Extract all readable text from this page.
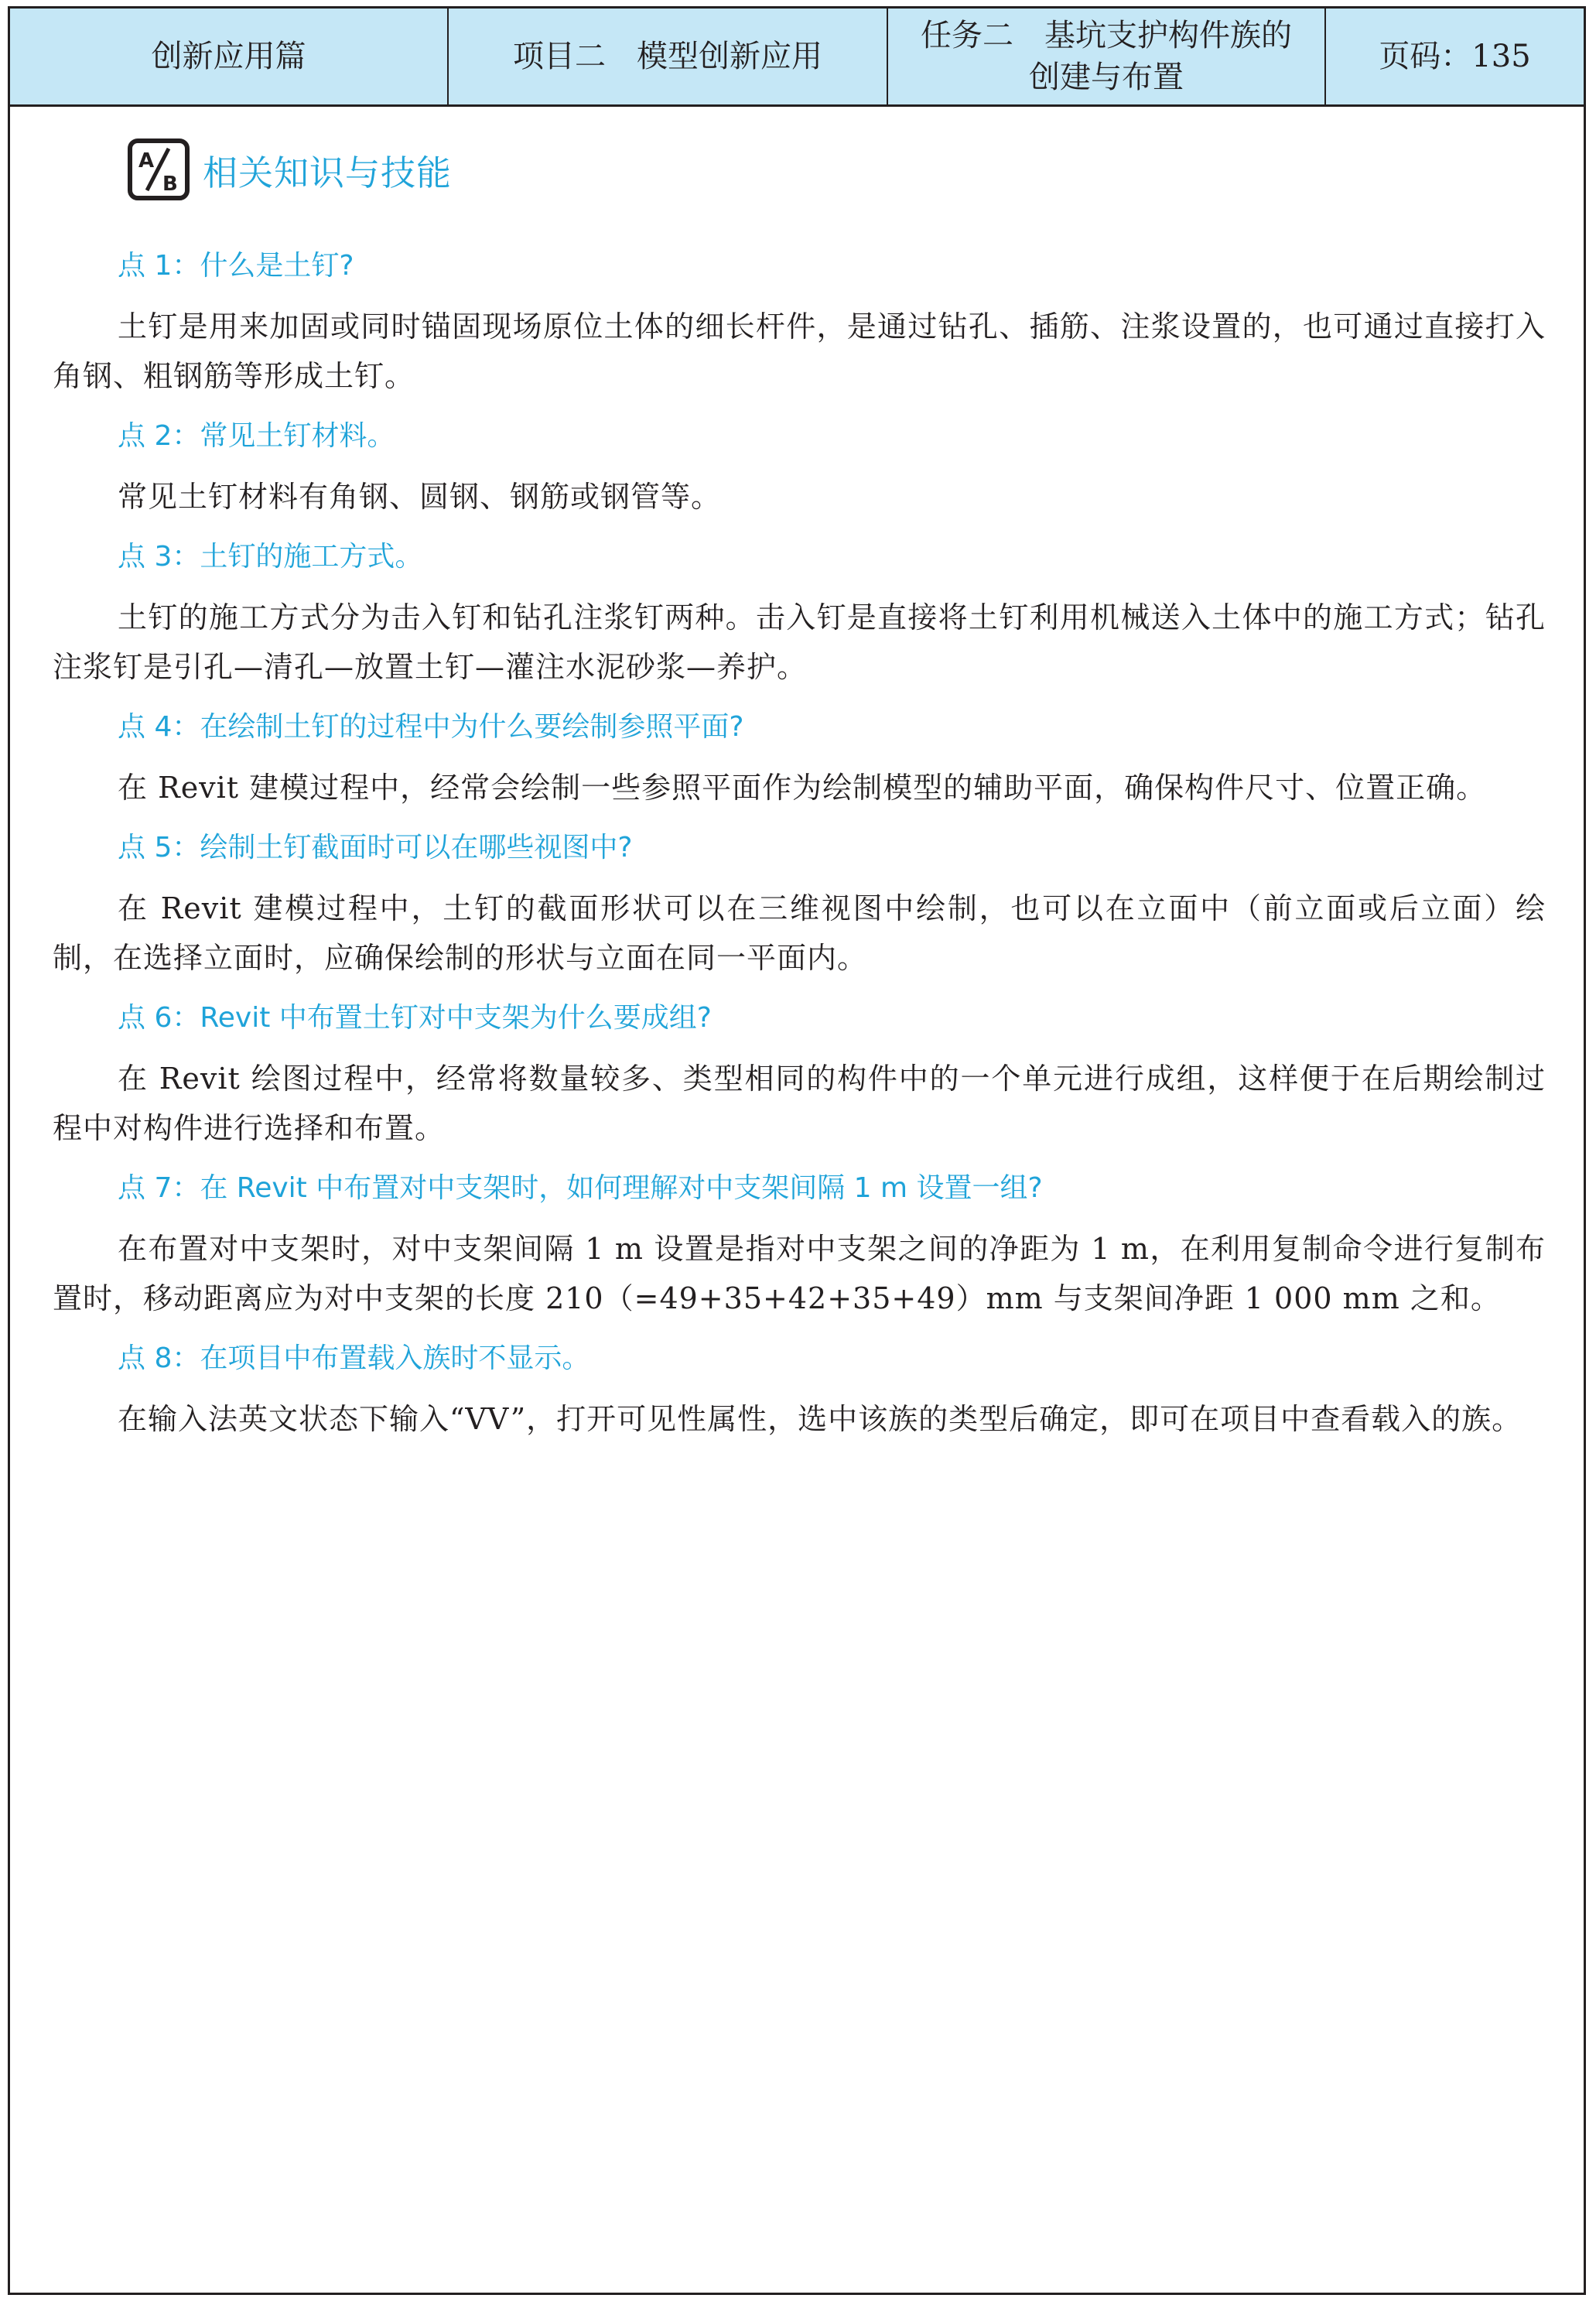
创新应用篇	项目二　模型创新应用
任务二　基坑支护构件族的
创建与布置
页码：135
A
B 相关知识与技能

点 1：什么是土钉?

土钉是用来加固或同时锚固现场原位土体的细长杆件，是通过钻孔、插筋、注浆设置的，也可通过直接打入角钢、粗钢筋等形成土钉。

点 2：常见土钉材料。

常见土钉材料有角钢、圆钢、钢筋或钢管等。

点 3：土钉的施工方式。

土钉的施工方式分为击入钉和钻孔注浆钉两种。击入钉是直接将土钉利用机械送入土体中的施工方式；钻孔注浆钉是引孔—清孔—放置土钉—灌注水泥砂浆—养护。

点 4：在绘制土钉的过程中为什么要绘制参照平面?

在 Revit 建模过程中，经常会绘制一些参照平面作为绘制模型的辅助平面，确保构件尺寸、位置正确。

点 5：绘制土钉截面时可以在哪些视图中?

在 Revit 建模过程中，土钉的截面形状可以在三维视图中绘制，也可以在立面中（前立面或后立面）绘制，在选择立面时，应确保绘制的形状与立面在同一平面内。

点 6：Revit 中布置土钉对中支架为什么要成组?

在 Revit 绘图过程中，经常将数量较多、类型相同的构件中的一个单元进行成组，这样便于在后期绘制过程中对构件进行选择和布置。

点 7：在 Revit 中布置对中支架时，如何理解对中支架间隔 1 m 设置一组?

在布置对中支架时，对中支架间隔 1 m 设置是指对中支架之间的净距为 1 m，在利用复制命令进行复制布置时，移动距离应为对中支架的长度 210（=49+35+42+35+49）mm 与支架间净距 1 000 mm 之和。

点 8：在项目中布置载入族时不显示。

在输入法英文状态下输入“VV”，打开可见性属性，选中该族的类型后确定，即可在项目中查看载入的族。
